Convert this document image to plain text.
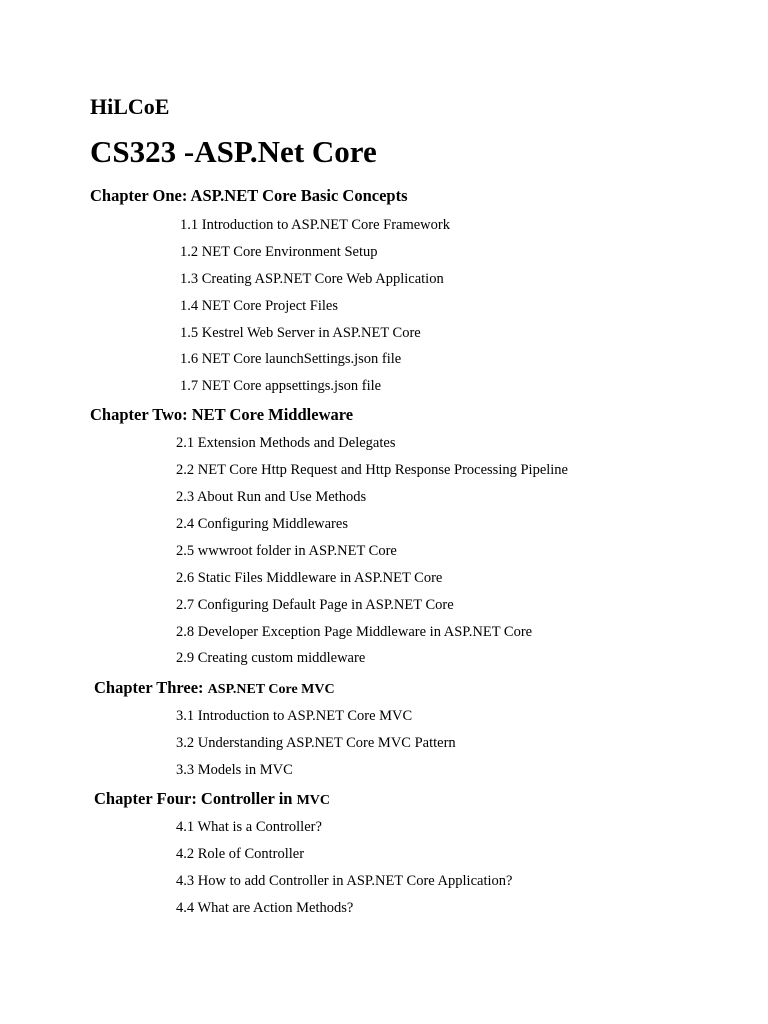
HiLCoE
CS323 -ASP.Net Core
Chapter One: ASP.NET Core Basic Concepts
1.1 Introduction to ASP.NET Core Framework
1.2 NET Core Environment Setup
1.3 Creating ASP.NET Core Web Application
1.4 NET Core Project Files
1.5 Kestrel Web Server in ASP.NET Core
1.6 NET Core launchSettings.json file
1.7 NET Core appsettings.json file
Chapter Two: NET Core Middleware
2.1 Extension Methods and Delegates
2.2 NET Core Http Request and Http Response Processing Pipeline
2.3 About Run and Use Methods
2.4 Configuring Middlewares
2.5 wwwroot folder in ASP.NET Core
2.6 Static Files Middleware in ASP.NET Core
2.7 Configuring Default Page in ASP.NET Core
2.8 Developer Exception Page Middleware in ASP.NET Core
2.9 Creating custom middleware
Chapter Three: ASP.NET Core MVC
3.1 Introduction to ASP.NET Core MVC
3.2 Understanding ASP.NET Core MVC Pattern
3.3 Models in MVC
Chapter Four: Controller in MVC
4.1 What is a Controller?
4.2 Role of Controller
4.3 How to add Controller in ASP.NET Core Application?
4.4 What are Action Methods?
